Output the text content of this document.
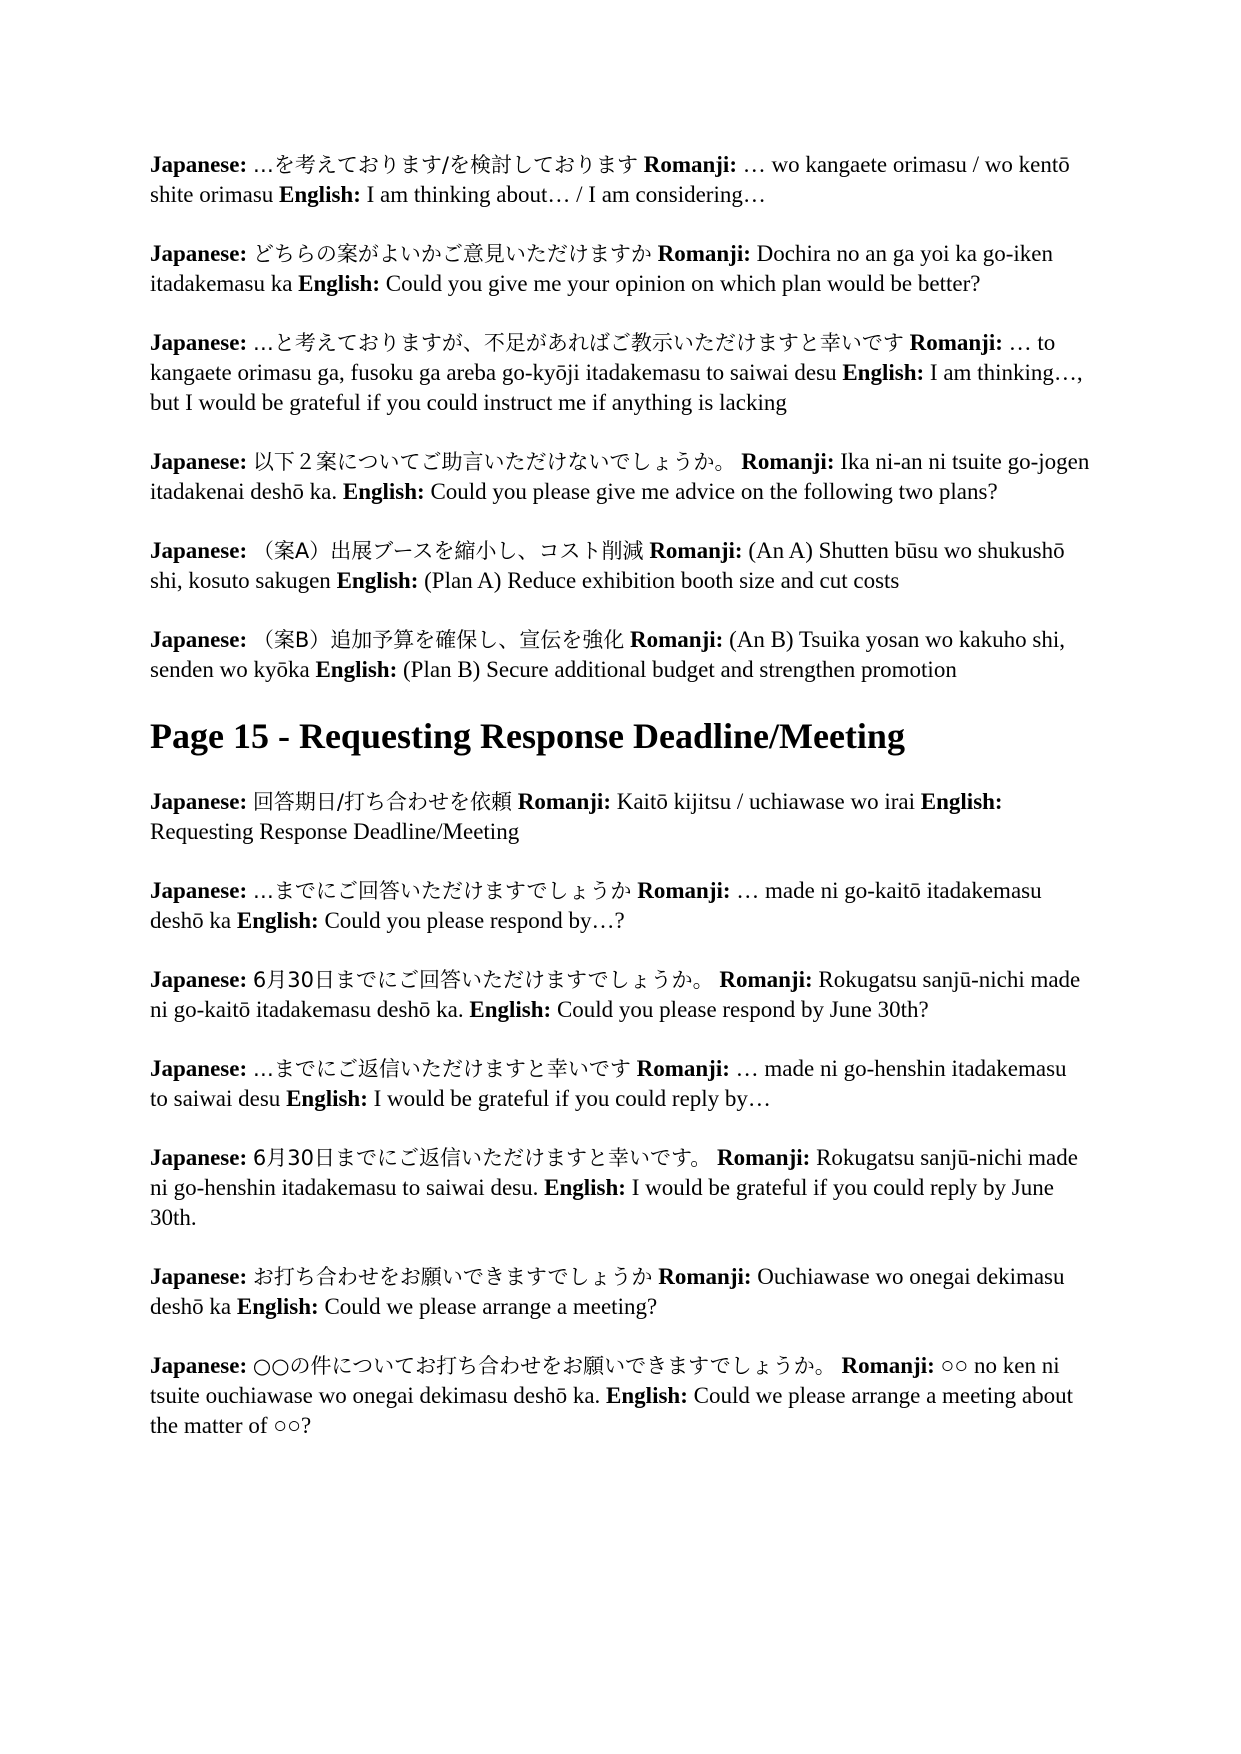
Japanese: …を考えております/を検討しております Romanji: … wo kangaete orimasu / wo kentō shite orimasu English: I am thinking about… / I am considering…

Japanese: どちらの案がよいかご意見いただけますか Romanji: Dochira no an ga yoi ka go-iken itadakemasu ka English: Could you give me your opinion on which plan would be better?

Japanese: …と考えておりますが、不足があればご教示いただけますと幸いです Romanji: … to kangaete orimasu ga, fusoku ga areba go-kyōji itadakemasu to saiwai desu English: I am thinking…, but I would be grateful if you could instruct me if anything is lacking

Japanese: 以下２案についてご助言いただけないでしょうか。 Romanji: Ika ni-an ni tsuite go-jogen itadakenai deshō ka. English: Could you please give me advice on the following two plans?

Japanese: （案A）出展ブースを縮小し、コスト削減 Romanji: (An A) Shutten būsu wo shukushō shi, kosuto sakugen English: (Plan A) Reduce exhibition booth size and cut costs

Japanese: （案B）追加予算を確保し、宣伝を強化 Romanji: (An B) Tsuika yosan wo kakuho shi, senden wo kyōka English: (Plan B) Secure additional budget and strengthen promotion

Page 15 - Requesting Response Deadline/Meeting

Japanese: 回答期日/打ち合わせを依頼 Romanji: Kaitō kijitsu / uchiawase wo irai English: Requesting Response Deadline/Meeting

Japanese: …までにご回答いただけますでしょうか Romanji: … made ni go-kaitō itadakemasu deshō ka English: Could you please respond by…?

Japanese: 6月30日までにご回答いただけますでしょうか。 Romanji: Rokugatsu sanjū-nichi made ni go-kaitō itadakemasu deshō ka. English: Could you please respond by June 30th?

Japanese: …までにご返信いただけますと幸いです Romanji: … made ni go-henshin itadakemasu to saiwai desu English: I would be grateful if you could reply by…

Japanese: 6月30日までにご返信いただけますと幸いです。 Romanji: Rokugatsu sanjū-nichi made ni go-henshin itadakemasu to saiwai desu. English: I would be grateful if you could reply by June 30th.

Japanese: お打ち合わせをお願いできますでしょうか Romanji: Ouchiawase wo onegai dekimasu deshō ka English: Could we please arrange a meeting?

Japanese: ○○の件についてお打ち合わせをお願いできますでしょうか。 Romanji: ○○ no ken ni tsuite ouchiawase wo onegai dekimasu deshō ka. English: Could we please arrange a meeting about the matter of ○○?
